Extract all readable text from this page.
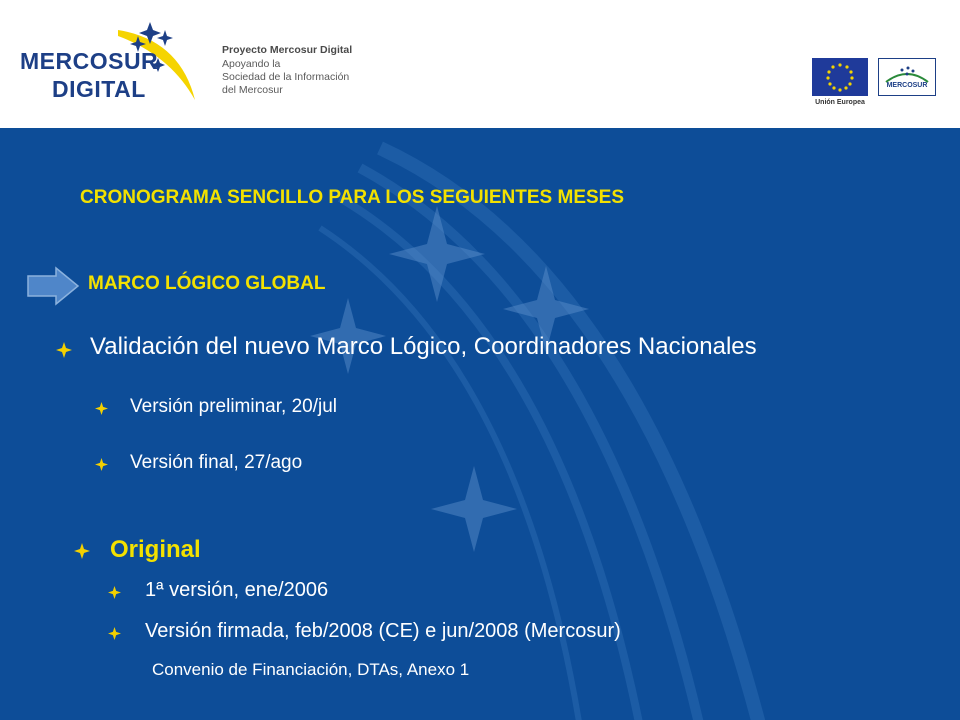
MERCOSUR
DIGITAL
Proyecto Mercosur Digital
Apoyando la
Sociedad de la Información
del Mercosur
Unión Europea
MERCOSUR
CRONOGRAMA SENCILLO PARA LOS SEGUIENTES MESES
MARCO LÓGICO GLOBAL
Validación del nuevo Marco Lógico, Coordinadores Nacionales
Versión preliminar, 20/jul
Versión final, 27/ago
Original
1ª versión, ene/2006
Versión firmada, feb/2008 (CE) e jun/2008 (Mercosur)
Convenio de Financiación, DTAs, Anexo 1
